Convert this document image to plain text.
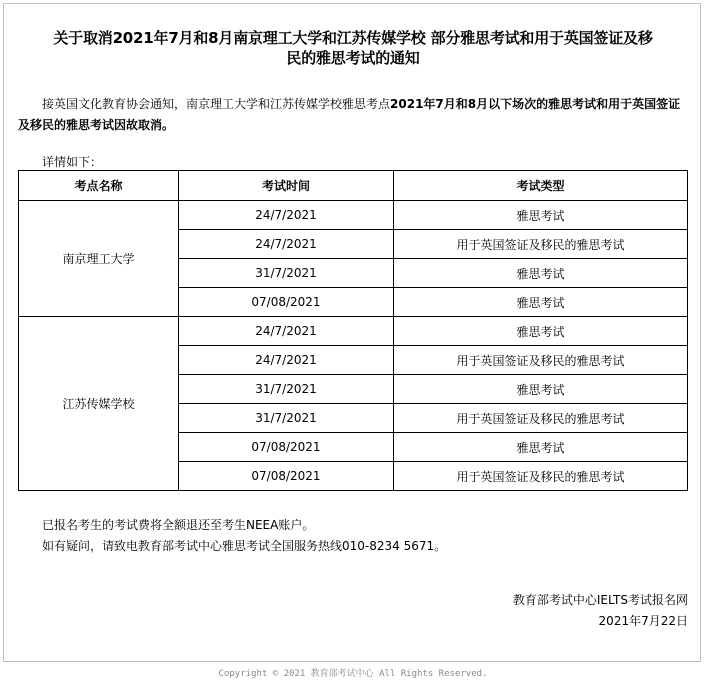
关于取消2021年7月和8月南京理工大学和江苏传媒学校 部分雅思考试和用于英国签证及移
民的雅思考试的通知
接英国文化教育协会通知，南京理工大学和江苏传媒学校雅思考点2021年7月和8月以下场次的雅思考试和用于英国签证及移民的雅思考试因故取消。
详情如下：
考点名称	考试时间	考试类型
南京理工大学	24/7/2021	雅思考试
	24/7/2021	用于英国签证及移民的雅思考试
	31/7/2021	雅思考试
	07/08/2021	雅思考试
江苏传媒学校	24/7/2021	雅思考试
	24/7/2021	用于英国签证及移民的雅思考试
	31/7/2021	雅思考试
	31/7/2021	用于英国签证及移民的雅思考试
	07/08/2021	雅思考试
	07/08/2021	用于英国签证及移民的雅思考试
已报名考生的考试费将全额退还至考生NEEA账户。
如有疑问，请致电教育部考试中心雅思考试全国服务热线010-8234 5671。
教育部考试中心IELTS考试报名网
2021年7月22日
Copyright © 2021 教育部考试中心 All Rights Reserved.
